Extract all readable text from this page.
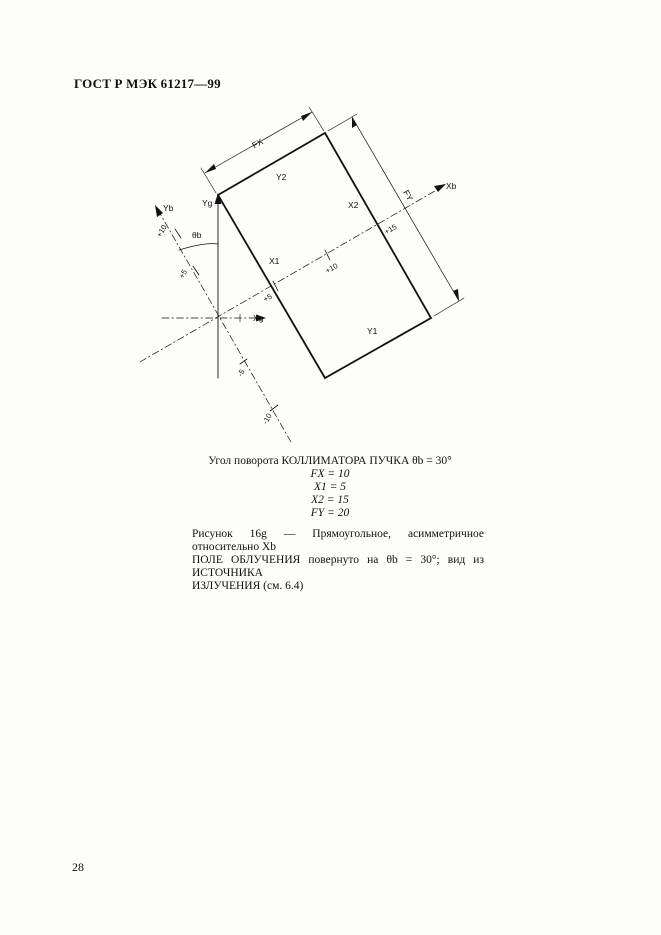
ГОСТ Р МЭК 61217—99
FX
FY
Y2
Y1
X1
X2
Xb
Yb	Yg
Xg
θb
+10
+5
-5
-10
+5
+10
+15
Угол поворота КОЛЛИМАТОРА ПУЧКА θb = 30°
FX = 10
X1 = 5
X2 = 15
FY = 20
Рисунок 16g — Прямоугольное, асимметричное относительно Xb
ПОЛЕ ОБЛУЧЕНИЯ повернуто на θb = 30°; вид из ИСТОЧНИКА
ИЗЛУЧЕНИЯ (см. 6.4)
28
